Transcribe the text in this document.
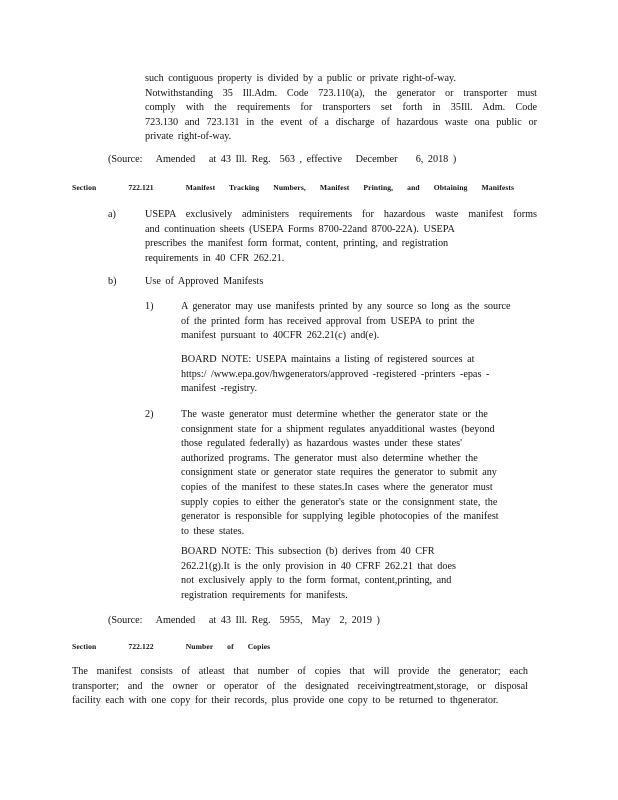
such contiguous property is divided by a public or private right-of-way.
Notwithstanding 35 Ill.Adm. Code 723.110(a), the generator or transporter must
comply with the requirements for transporters set forth in 35Ill. Adm. Code
723.130 and 723.131 in the event of a discharge of hazardous waste ona public or
private right-of-way.
(Source:   Amended   at 43 Ill. Reg.  563 , effective   December    6, 2018 )
Section	722.121	Manifest Tracking Numbers, Manifest Printing, and Obtaining Manifests
a)	USEPA exclusively administers requirements for hazardous waste manifest forms
and continuation sheets (USEPA Forms 8700-22and 8700-22A). USEPA
prescribes the manifest form format, content, printing, and registration
requirements in 40 CFR 262.21.
b)	Use of Approved Manifests
1)	A generator may use manifests printed by any source so long as the source
of the printed form has received approval from USEPA to print the
manifest pursuant to 40CFR 262.21(c) and(e).
BOARD NOTE: USEPA maintains a listing of registered sources at
https:/ /www.epa.gov/hwgenerators/approved -registered -printers -epas -
manifest -registry.
2)	The waste generator must determine whether the generator state or the
consignment state for a shipment regulates anyadditional wastes (beyond
those regulated federally) as hazardous wastes under these states'
authorized programs. The generator must also determine whether the
consignment state or generator state requires the generator to submit any
copies of the manifest to these states.In cases where the generator must
supply copies to either the generator's state or the consignment state, the
generator is responsible for supplying legible photocopies of the manifest
to these states.
BOARD NOTE: This subsection (b) derives from 40 CFR
262.21(g).It is the only provision in 40 CFRF 262.21 that does
not exclusively apply to the form format, content,printing, and
registration requirements for manifests.
(Source:   Amended   at 43 Ill. Reg.  5955,  May  2, 2019 )
Section	722.122	Number of Copies
The manifest consists of atleast that number of copies that will provide the generator; each
transporter; and the owner or operator of the designated receivingtreatment,storage, or disposal
facility each with one copy for their records, plus provide one copy to be returned to thgenerator.
